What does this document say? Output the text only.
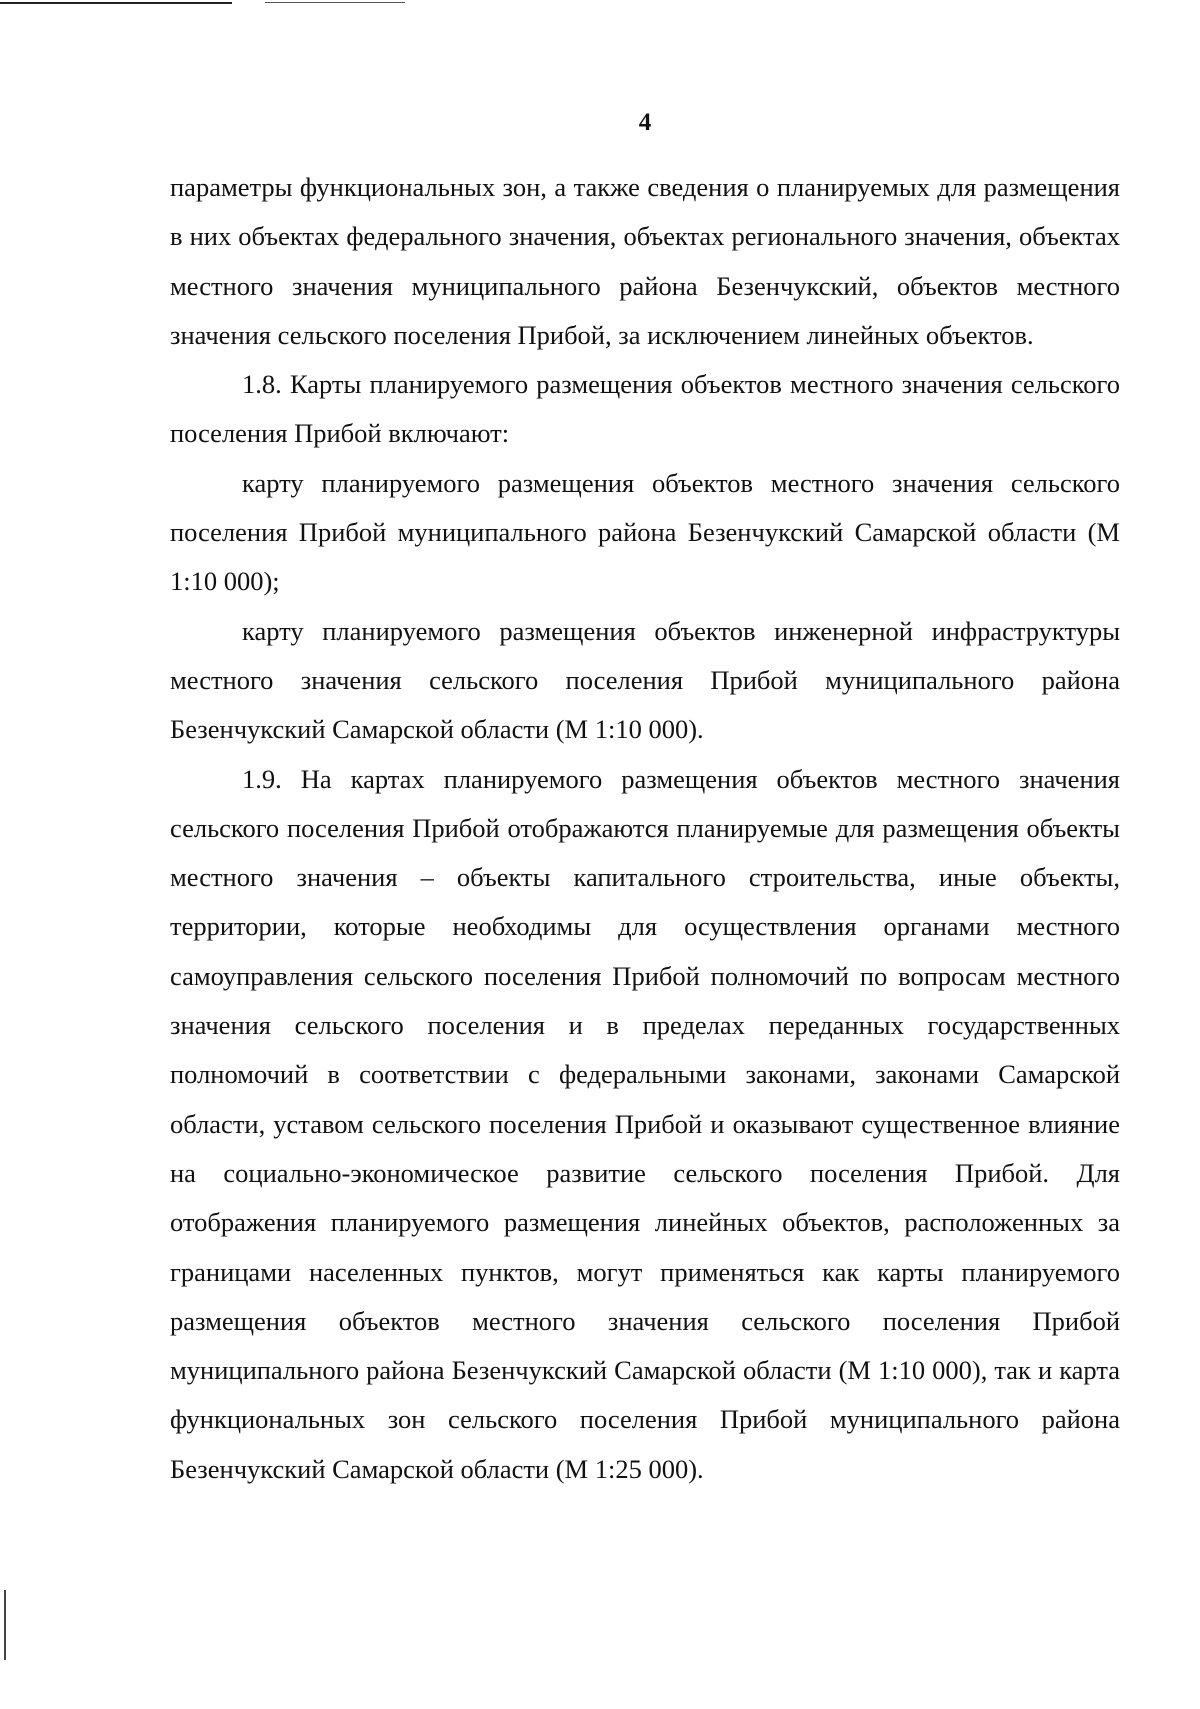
4

параметры функциональных зон, а также сведения о планируемых для размещения в них объектах федерального значения, объектах регионального значения, объектах местного значения муниципального района Безенчукский, объектов местного значения сельского поселения Прибой, за исключением линейных объектов.

1.8. Карты планируемого размещения объектов местного значения сельского поселения Прибой включают:

карту планируемого размещения объектов местного значения сельского поселения Прибой муниципального района Безенчукский Самарской области (М 1:10 000);

карту планируемого размещения объектов инженерной инфраструктуры местного значения сельского поселения Прибой муниципального района Безенчукский Самарской области (М 1:10 000).

1.9. На картах планируемого размещения объектов местного значения сельского поселения Прибой отображаются планируемые для размещения объекты местного значения – объекты капитального строительства, иные объекты, территории, которые необходимы для осуществления органами местного самоуправления сельского поселения Прибой полномочий по вопросам местного значения сельского поселения и в пределах переданных государственных полномочий в соответствии с федеральными законами, законами Самарской области, уставом сельского поселения Прибой и оказывают существенное влияние на социально-экономическое развитие сельского поселения Прибой. Для отображения планируемого размещения линейных объектов, расположенных за границами населенных пунктов, могут применяться как карты планируемого размещения объектов местного значения сельского поселения Прибой муниципального района Безенчукский Самарской области (М 1:10 000), так и карта функциональных зон сельского поселения Прибой муниципального района Безенчукский Самарской области (М 1:25 000).
